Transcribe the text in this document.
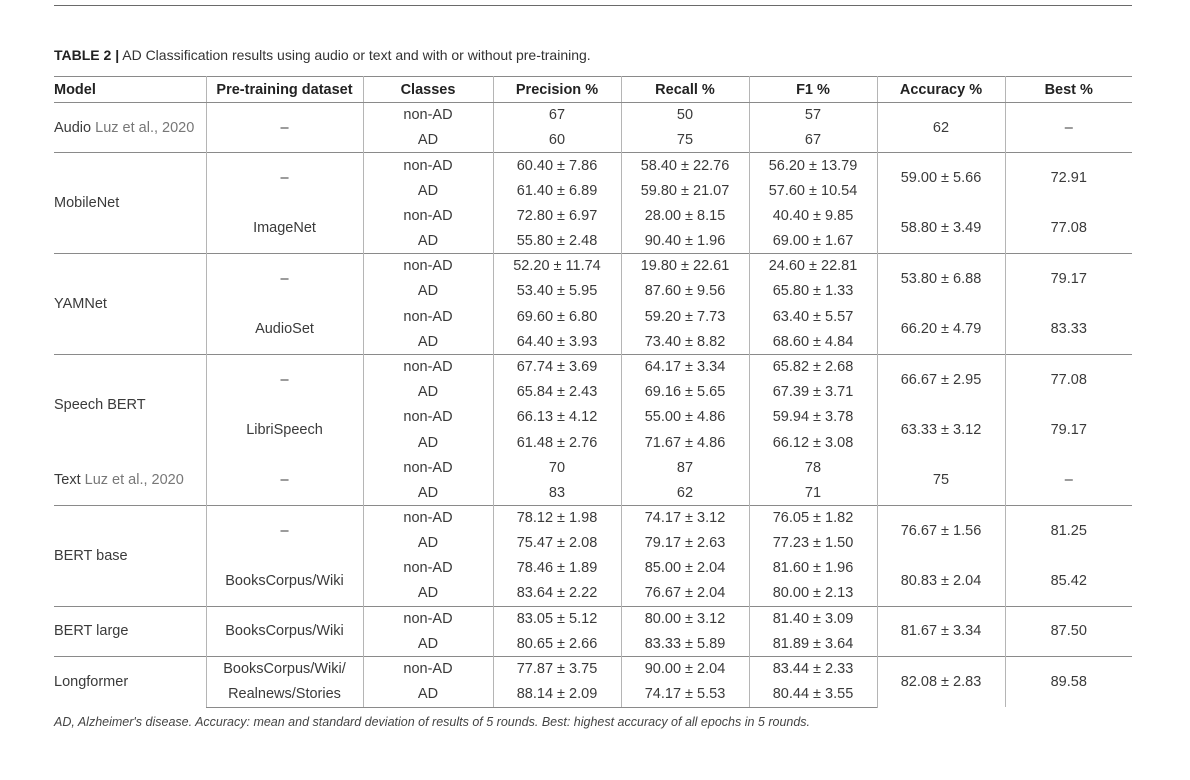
TABLE 2 | AD Classification results using audio or text and with or without pre-training.
Model	Pre-training dataset	Classes	Precision %	Recall %	F1 %	Accuracy %	Best %
Audio Luz et al., 2020	–	non-AD	67	50	57	62	–
		AD	60	75	67		
MobileNet	–	non-AD	60.40 ± 7.86	58.40 ± 22.76	56.20 ± 13.79	59.00 ± 5.66	72.91
		AD	61.40 ± 6.89	59.80 ± 21.07	57.60 ± 10.54		
	ImageNet	non-AD	72.80 ± 6.97	28.00 ± 8.15	40.40 ± 9.85	58.80 ± 3.49	77.08
		AD	55.80 ± 2.48	90.40 ± 1.96	69.00 ± 1.67		
YAMNet	–	non-AD	52.20 ± 11.74	19.80 ± 22.61	24.60 ± 22.81	53.80 ± 6.88	79.17
		AD	53.40 ± 5.95	87.60 ± 9.56	65.80 ± 1.33		
	AudioSet	non-AD	69.60 ± 6.80	59.20 ± 7.73	63.40 ± 5.57	66.20 ± 4.79	83.33
		AD	64.40 ± 3.93	73.40 ± 8.82	68.60 ± 4.84		
Speech BERT	–	non-AD	67.74 ± 3.69	64.17 ± 3.34	65.82 ± 2.68	66.67 ± 2.95	77.08
		AD	65.84 ± 2.43	69.16 ± 5.65	67.39 ± 3.71		
	LibriSpeech	non-AD	66.13 ± 4.12	55.00 ± 4.86	59.94 ± 3.78	63.33 ± 3.12	79.17
		AD	61.48 ± 2.76	71.67 ± 4.86	66.12 ± 3.08		
Text Luz et al., 2020	–	non-AD	70	87	78	75	–
		AD	83	62	71		
BERT base	–	non-AD	78.12 ± 1.98	74.17 ± 3.12	76.05 ± 1.82	76.67 ± 1.56	81.25
		AD	75.47 ± 2.08	79.17 ± 2.63	77.23 ± 1.50		
	BooksCorpus/Wiki	non-AD	78.46 ± 1.89	85.00 ± 2.04	81.60 ± 1.96	80.83 ± 2.04	85.42
		AD	83.64 ± 2.22	76.67 ± 2.04	80.00 ± 2.13		
BERT large	BooksCorpus/Wiki	non-AD	83.05 ± 5.12	80.00 ± 3.12	81.40 ± 3.09	81.67 ± 3.34	87.50
		AD	80.65 ± 2.66	83.33 ± 5.89	81.89 ± 3.64		
Longformer	BooksCorpus/Wiki/	non-AD	77.87 ± 3.75	90.00 ± 2.04	83.44 ± 2.33	82.08 ± 2.83	89.58
	Realnews/Stories	AD	88.14 ± 2.09	74.17 ± 5.53	80.44 ± 3.55		
AD, Alzheimer's disease. Accuracy: mean and standard deviation of results of 5 rounds. Best: highest accuracy of all epochs in 5 rounds.
